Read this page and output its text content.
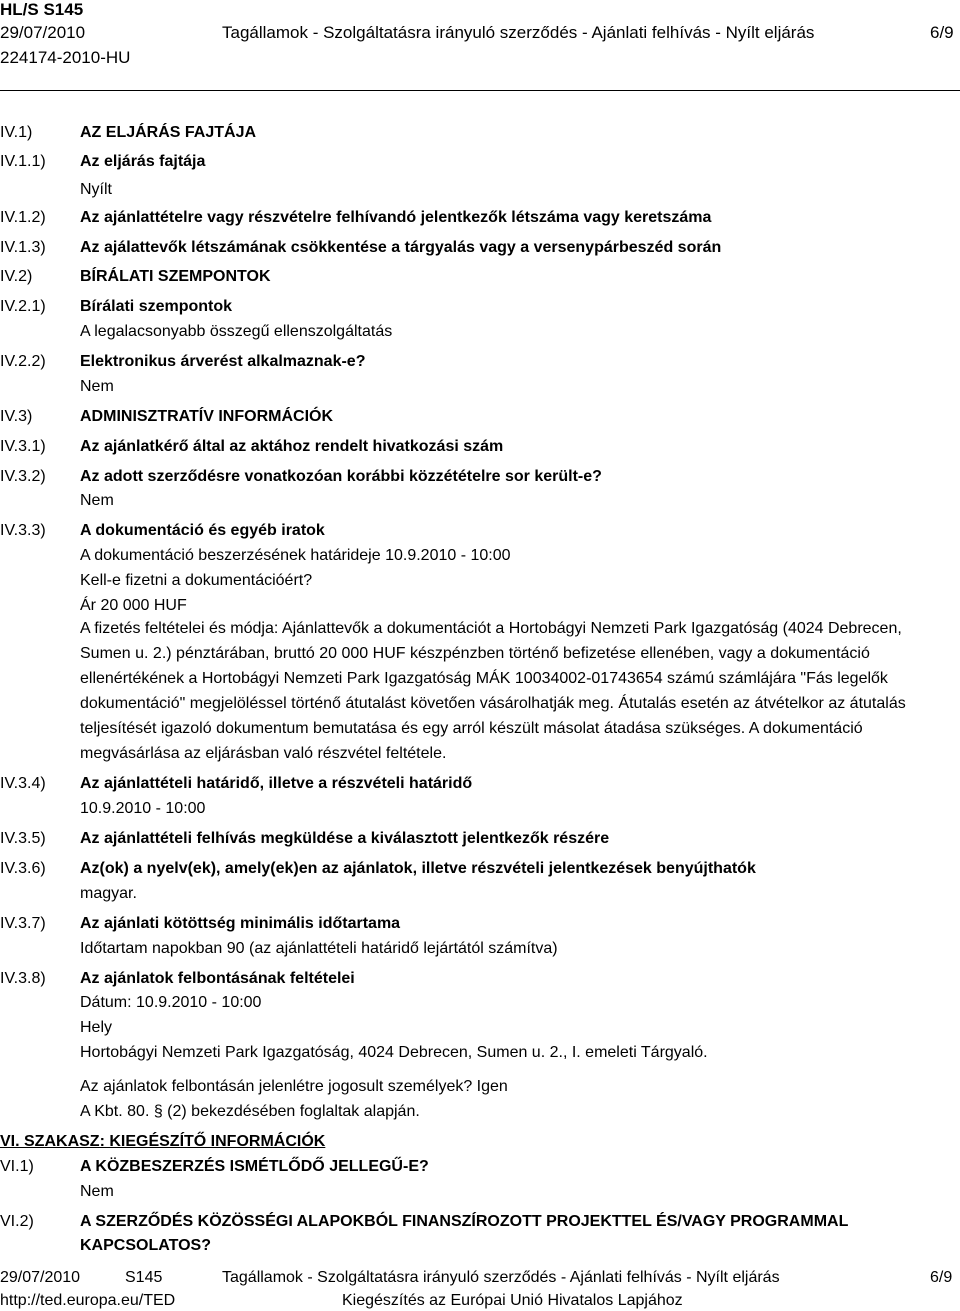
HL/S S145
29/07/2010	Tagállamok - Szolgáltatásra irányuló szerződés - Ajánlati felhívás - Nyílt eljárás	6/9
224174-2010-HU
IV.1)	AZ ELJÁRÁS FAJTÁJA
IV.1.1) Az eljárás fajtája
Nyílt
IV.1.2) Az ajánlattételre vagy részvételre felhívandó jelentkezők létszáma vagy keretszáma
IV.1.3) Az ajálattevők létszámának csökkentése a tárgyalás vagy a versenypárbeszéd során
IV.2)	BÍRÁLATI SZEMPONTOK
IV.2.1) Bírálati szempontok
A legalacsonyabb összegű ellenszolgáltatás
IV.2.2) Elektronikus árverést alkalmaznak-e?
Nem
IV.3)	ADMINISZTRATÍV INFORMÁCIÓK
IV.3.1) Az ajánlatkérő által az aktához rendelt hivatkozási szám
IV.3.2) Az adott szerződésre vonatkozóan korábbi közzétételre sor került-e?
Nem
IV.3.3) A dokumentáció és egyéb iratok
A dokumentáció beszerzésének határideje 10.9.2010 - 10:00
Kell-e fizetni a dokumentációért?
Ár 20 000 HUF
A fizetés feltételei és módja: Ajánlattevők a dokumentációt a Hortobágyi Nemzeti Park Igazgatóság (4024 Debrecen, Sumen u. 2.) pénztárában, bruttó 20 000 HUF készpénzben történő befizetése ellenében, vagy a dokumentáció ellenértékének a Hortobágyi Nemzeti Park Igazgatóság MÁK 10034002-01743654 számú számlájára "Fás legelők dokumentáció" megjelöléssel történő átutalást követően vásárolhatják meg. Átutalás esetén az átvételkor az átutalás teljesítését igazoló dokumentum bemutatása és egy arról készült másolat átadása szükséges. A dokumentáció megvásárlása az eljárásban való részvétel feltétele.
IV.3.4) Az ajánlattételi határidő, illetve a részvételi határidő
10.9.2010 - 10:00
IV.3.5) Az ajánlattételi felhívás megküldése a kiválasztott jelentkezők részére
IV.3.6) Az(ok) a nyelv(ek), amely(ek)en az ajánlatok, illetve részvételi jelentkezések benyújthatók
magyar.
IV.3.7) Az ajánlati kötöttség minimális időtartama
Időtartam napokban 90 (az ajánlattételi határidő lejártától számítva)
IV.3.8) Az ajánlatok felbontásának feltételei
Dátum: 10.9.2010 - 10:00
Hely
Hortobágyi Nemzeti Park Igazgatóság, 4024 Debrecen, Sumen u. 2., I. emeleti Tárgyaló.
Az ajánlatok felbontásán jelenlétre jogosult személyek? Igen
A Kbt. 80. § (2) bekezdésében foglaltak alapján.
VI. SZAKASZ: KIEGÉSZÍTŐ INFORMÁCIÓK
VI.1)	A KÖZBESZERZÉS ISMÉTLŐDŐ JELLEGŰ-E?
Nem
VI.2)	A SZERZŐDÉS KÖZÖSSÉGI ALAPOKBÓL FINANSZÍROZOTT PROJEKTTEL ÉS/VAGY PROGRAMMAL
KAPCSOLATOS?
29/07/2010	S145	Tagállamok - Szolgáltatásra irányuló szerződés - Ajánlati felhívás - Nyílt eljárás	6/9
http://ted.europa.eu/TED	Kiegészítés az Európai Unió Hivatalos Lapjához
